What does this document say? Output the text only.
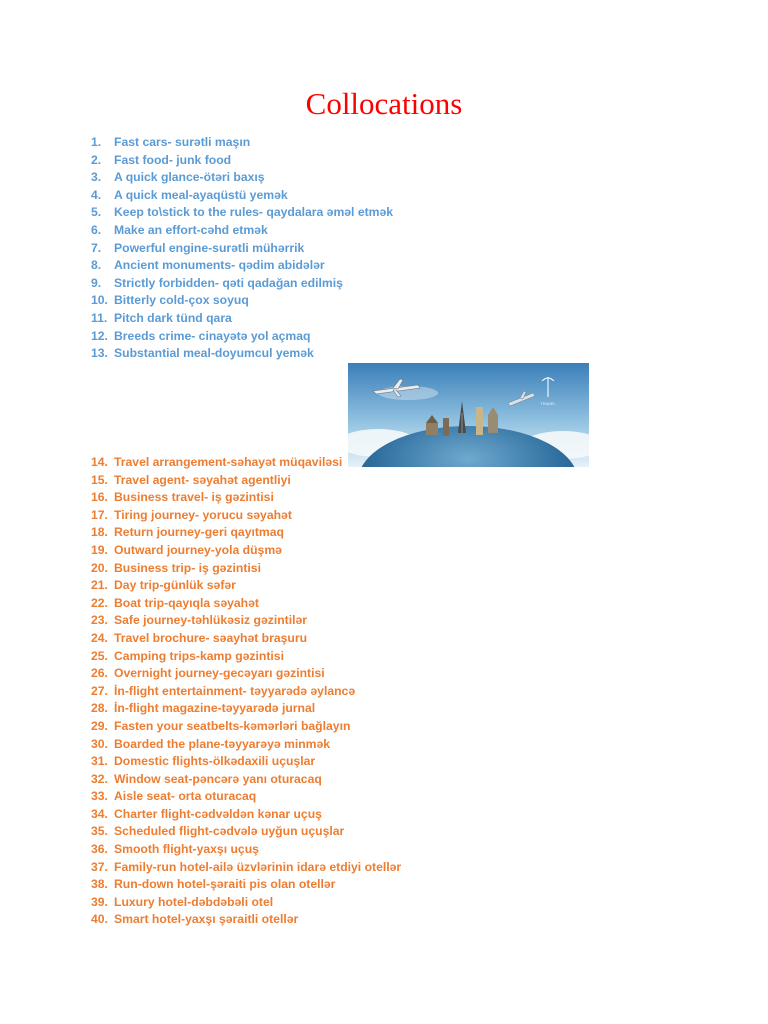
Collocations
1.	Fast cars- surətli maşın
2.	Fast food- junk food
3.	A quick glance-ötəri baxış
4.	A quick meal-ayaqüstü yemək
5.	Keep to\stick to the rules- qaydalara əməl etmək
6.	Make an effort-cəhd etmək
7.	Powerful engine-surətli mühərrik
8.	Ancient monuments- qədim abidələr
9.	Strictly forbidden- qəti qadağan edilmiş
10. Bitterly cold-çox soyuq
11. Pitch dark tünd qara
12. Breeds crime- cinayətə yol açmaq
13. Substantial meal-doyumcul yemək
TRAVEL
14. Travel arrangement-səhayət müqaviləsi
15. Travel agent- səyahət agentliyi
16. Business travel- iş gəzintisi
17. Tiring journey- yorucu səyahət
18. Return journey-geri qayıtmaq
19. Outward journey-yola düşmə
20. Business trip- iş gəzintisi
21. Day trip-günlük səfər
22. Boat trip-qayıqla səyahət
23. Safe journey-təhlükəsiz gəzintilər
24. Travel brochure- səayhət braşuru
25. Camping trips-kamp gəzintisi
26. Overnight journey-gecəyarı gəzintisi
27. İn-flight entertainment- təyyarədə əylancə
28. İn-flight magazine-təyyarədə jurnal
29. Fasten your seatbelts-kəmərləri bağlayın
30. Boarded the plane-təyyarəyə minmək
31. Domestic flights-ölkədaxili uçuşlar
32. Window seat-pəncərə yanı oturacaq
33. Aisle seat- orta oturacaq
34. Charter flight-cədvəldən kənar uçuş
35. Scheduled flight-cədvələ uyğun uçuşlar
36. Smooth flight-yaxşı uçuş
37. Family-run hotel-ailə üzvlərinin idarə etdiyi otellər
38. Run-down hotel-şəraiti pis olan otellər
39. Luxury hotel-dəbdəbəli otel
40. Smart hotel-yaxşı şəraitli otellər
